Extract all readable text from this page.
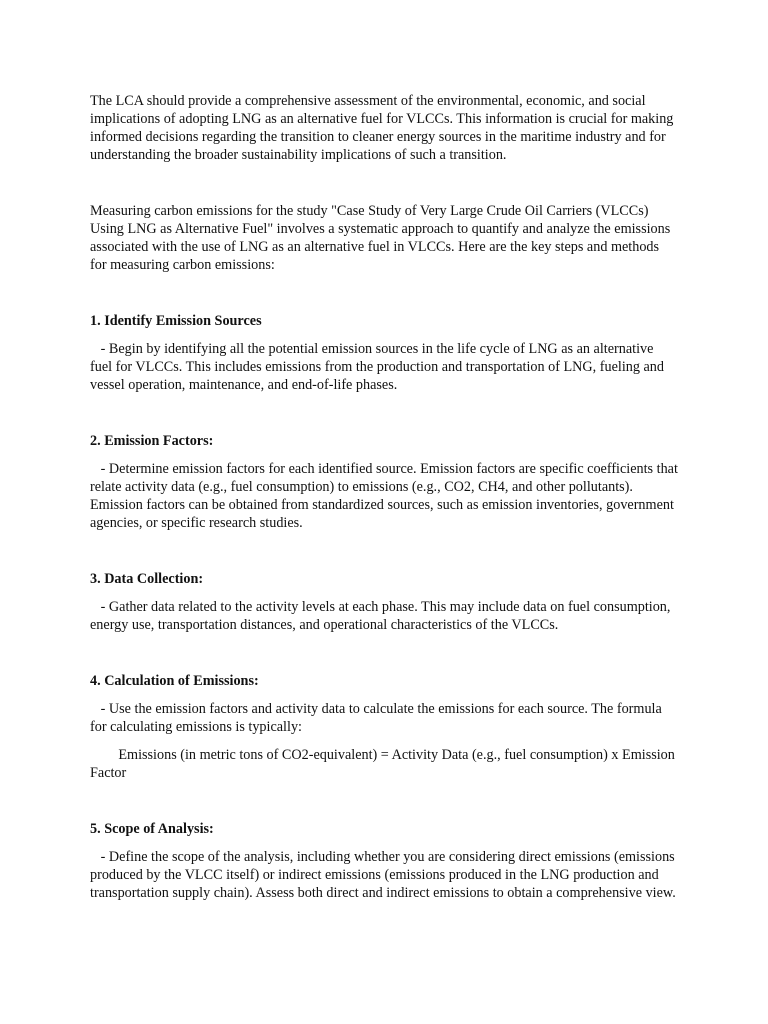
The LCA should provide a comprehensive assessment of the environmental, economic, and social implications of adopting LNG as an alternative fuel for VLCCs. This information is crucial for making informed decisions regarding the transition to cleaner energy sources in the maritime industry and for understanding the broader sustainability implications of such a transition.

Measuring carbon emissions for the study "Case Study of Very Large Crude Oil Carriers (VLCCs) Using LNG as Alternative Fuel" involves a systematic approach to quantify and analyze the emissions associated with the use of LNG as an alternative fuel in VLCCs. Here are the key steps and methods for measuring carbon emissions:

1. Identify Emission Sources

- Begin by identifying all the potential emission sources in the life cycle of LNG as an alternative fuel for VLCCs. This includes emissions from the production and transportation of LNG, fueling and vessel operation, maintenance, and end-of-life phases.

2. Emission Factors:

- Determine emission factors for each identified source. Emission factors are specific coefficients that relate activity data (e.g., fuel consumption) to emissions (e.g., CO2, CH4, and other pollutants). Emission factors can be obtained from standardized sources, such as emission inventories, government agencies, or specific research studies.

3. Data Collection:

- Gather data related to the activity levels at each phase. This may include data on fuel consumption, energy use, transportation distances, and operational characteristics of the VLCCs.

4. Calculation of Emissions:

- Use the emission factors and activity data to calculate the emissions for each source. The formula for calculating emissions is typically:

Emissions (in metric tons of CO2-equivalent) = Activity Data (e.g., fuel consumption) x Emission Factor

5. Scope of Analysis:

- Define the scope of the analysis, including whether you are considering direct emissions (emissions produced by the VLCC itself) or indirect emissions (emissions produced in the LNG production and transportation supply chain). Assess both direct and indirect emissions to obtain a comprehensive view.
